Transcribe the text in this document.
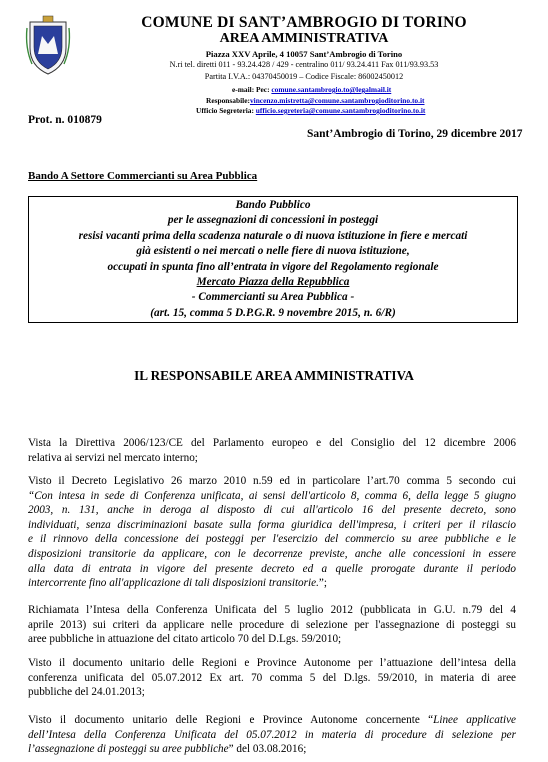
COMUNE DI SANT’AMBROGIO DI TORINO
AREA AMMINISTRATIVA
Piazza XXV Aprile, 4 10057 Sant’Ambrogio di Torino
N.ri tel. diretti 011 - 93.24.428 / 429 - centralino 011/ 93.24.411 Fax 011/93.93.53
Partita I.V.A.: 04370450019 – Codice Fiscale: 86002450012
e-mail: Pec: comune.santambrogio.to@legalmail.it
Responsabile:vincenzo.mistretta@comune.santambrogioditorino.to.it
Ufficio Segreteria: ufficio.segreteria@comune.santambrogioditorino.to.it
Prot. n. 010879
Sant’Ambrogio di Torino, 29 dicembre 2017
Bando A Settore Commercianti su Area Pubblica
Bando Pubblico
per le assegnazioni di concessioni in posteggi
resisi vacanti prima della scadenza naturale o di nuova istituzione in fiere e mercati
già esistenti o nei mercati o nelle fiere di nuova istituzione,
occupati in spunta fino all’entrata in vigore del Regolamento regionale
Mercato Piazza della Repubblica
- Commercianti su Area Pubblica -
(art. 15, comma 5 D.P.G.R. 9 novembre 2015, n. 6/R)
IL RESPONSABILE AREA AMMINISTRATIVA
Vista la Direttiva 2006/123/CE del Parlamento europeo e del Consiglio del 12 dicembre 2006
relativa ai servizi nel mercato interno;
Visto il Decreto Legislativo 26 marzo 2010 n.59 ed in particolare l’art.70 comma 5 secondo cui
“Con intesa in sede di Conferenza unificata, ai sensi dell'articolo 8, comma 6, della legge 5 giugno
2003, n. 131, anche in deroga al disposto di cui all'articolo 16 del presente decreto, sono
individuati, senza discriminazioni basate sulla forma giuridica dell'impresa, i criteri per il rilascio
e il rinnovo della concessione dei posteggi per l'esercizio del commercio su aree pubbliche e le
disposizioni transitorie da applicare, con le decorrenze previste, anche alle concessioni in essere
alla data di entrata in vigore del presente decreto ed a quelle prorogate durante il periodo
intercorrente fino all'applicazione di tali disposizioni transitorie.”;
Richiamata l’Intesa della Conferenza Unificata del 5 luglio 2012 (pubblicata in G.U. n.79 del 4
aprile 2013) sui criteri da applicare nelle procedure di selezione per l'assegnazione di posteggi su
aree pubbliche in attuazione del citato articolo 70 del D.Lgs. 59/2010;
Visto il documento unitario delle Regioni e Province Autonome per l’attuazione dell’intesa della
conferenza unificata del 05.07.2012 Ex art. 70 comma 5 del D.lgs. 59/2010, in materia di aree
pubbliche del 24.01.2013;
Visto il documento unitario delle Regioni e Province Autonome concernente “Linee applicative
dell’Intesa della Conferenza Unificata del 05.07.2012 in materia di procedure di selezione per
l’assegnazione di posteggi su aree pubbliche” del 03.08.2016;
